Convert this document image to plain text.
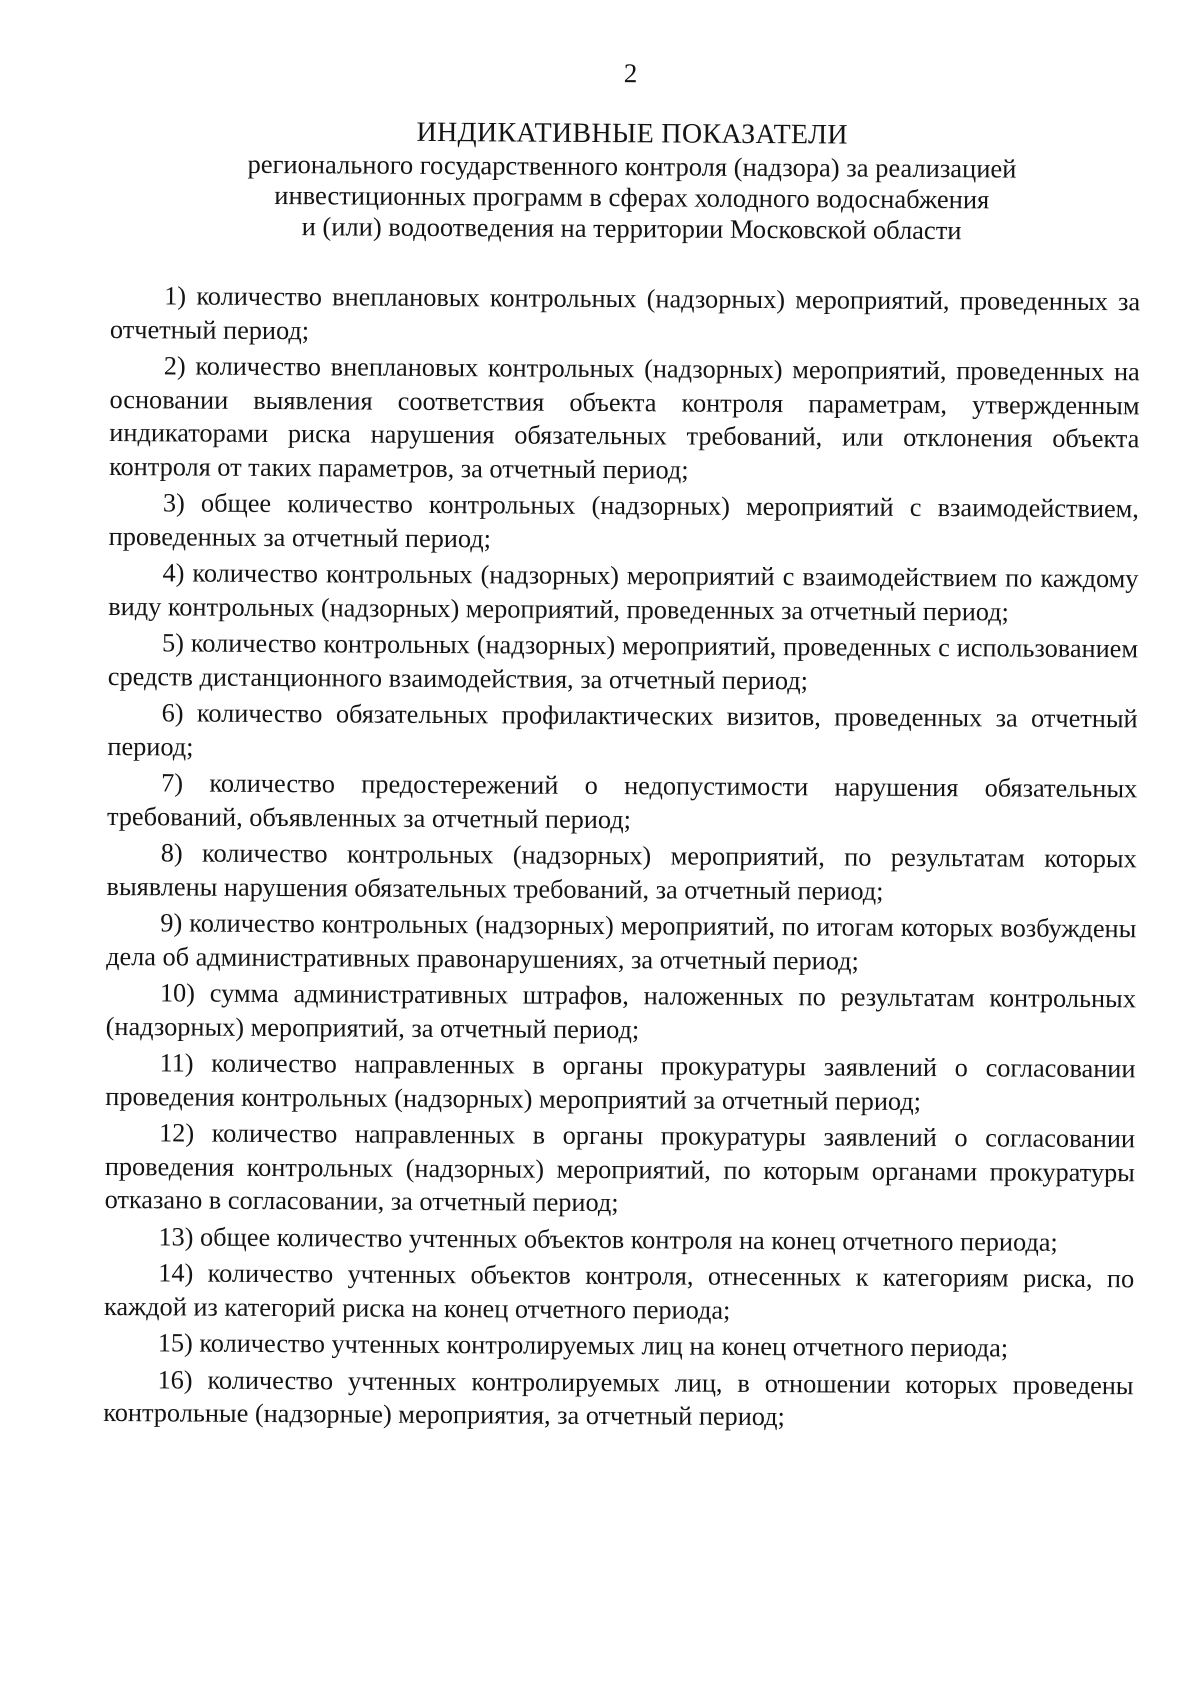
2
ИНДИКАТИВНЫЕ ПОКАЗАТЕЛИ
регионального государственного контроля (надзора) за реализацией
инвестиционных программ в сферах холодного водоснабжения
и (или) водоотведения на территории Московской области

1) количество внеплановых контрольных (надзорных) мероприятий, проведенных за отчетный период;

2) количество внеплановых контрольных (надзорных) мероприятий, проведенных на основании выявления соответствия объекта контроля параметрам, утвержденным индикаторами риска нарушения обязательных требований, или отклонения объекта контроля от таких параметров, за отчетный период;

3) общее количество контрольных (надзорных) мероприятий с взаимодействием, проведенных за отчетный период;

4) количество контрольных (надзорных) мероприятий с взаимодействием по каждому виду контрольных (надзорных) мероприятий, проведенных за отчетный период;

5) количество контрольных (надзорных) мероприятий, проведенных с использованием средств дистанционного взаимодействия, за отчетный период;

6) количество обязательных профилактических визитов, проведенных за отчетный период;

7) количество предостережений о недопустимости нарушения обязательных требований, объявленных за отчетный период;

8) количество контрольных (надзорных) мероприятий, по результатам которых выявлены нарушения обязательных требований, за отчетный период;

9) количество контрольных (надзорных) мероприятий, по итогам которых возбуждены дела об административных правонарушениях, за отчетный период;

10) сумма административных штрафов, наложенных по результатам контрольных (надзорных) мероприятий, за отчетный период;

11) количество направленных в органы прокуратуры заявлений о согласовании проведения контрольных (надзорных) мероприятий за отчетный период;

12) количество направленных в органы прокуратуры заявлений о согласовании проведения контрольных (надзорных) мероприятий, по которым органами прокуратуры отказано в согласовании, за отчетный период;

13) общее количество учтенных объектов контроля на конец отчетного периода;

14) количество учтенных объектов контроля, отнесенных к категориям риска, по каждой из категорий риска на конец отчетного периода;

15) количество учтенных контролируемых лиц на конец отчетного периода;

16) количество учтенных контролируемых лиц, в отношении которых проведены контрольные (надзорные) мероприятия, за отчетный период;
